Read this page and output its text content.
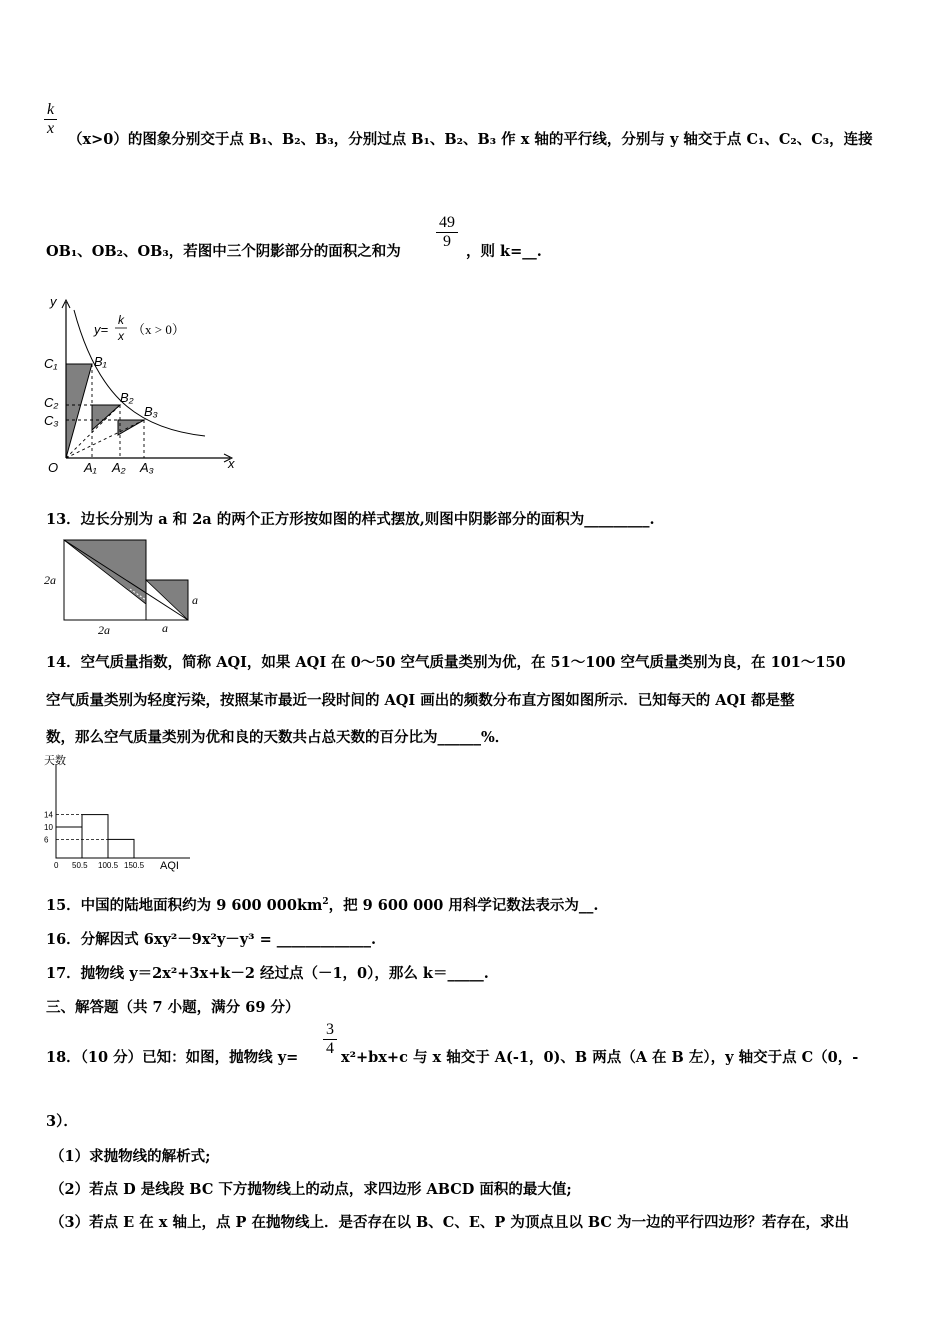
k
x
（x>0）的图象分别交于点 B₁、B₂、B₃，分别过点 B₁、B₂、B₃ 作 x 轴的平行线，分别与 y 轴交于点 C₁、C₂、C₃，连接
OB₁、OB₂、OB₃，若图中三个阴影部分的面积之和为
49
9
，则 k=__.
y
x
O
y=
k
x （x > 0）
C₁
C₂
C₃
B₁
B₂
B₃
A₁ A₂ A₃
13．边长分别为 a 和 2a 的两个正方形按如图的样式摆放,则图中阴影部分的面积为_________.
2a
2a	a
a
14．空气质量指数，简称 AQI，如果 AQI 在 0～50 空气质量类别为优，在 51～100 空气质量类别为良，在 101～150
空气质量类别为轻度污染，按照某市最近一段时间的 AQI 画出的频数分布直方图如图所示．已知每天的 AQI 都是整
数，那么空气质量类别为优和良的天数共占总天数的百分比为______%．
天数
AQI
14
10
6
0 50.5 100.5 150.5
15．中国的陆地面积约为 9 600 $000km^2$，把 9 600 000 用科学记数法表示为__.
16．分解因式 6xy²－9x²y－y³ = _____________.
17．抛物线 y＝2x²+3x+k－2 经过点（－1，0），那么 k＝_____.
三、解答题（共 7 小题，满分 69 分）
18．（10 分）已知：如图，抛物线 y=
3
4
x²+bx+c 与 x 轴交于 A(-1，0)、B 两点（A 在 B 左），y 轴交于点 C（0，-
3）．
（1）求抛物线的解析式;
（2）若点 D 是线段 BC 下方抛物线上的动点，求四边形 ABCD 面积的最大值;
（3）若点 E 在 x 轴上，点 P 在抛物线上．是否存在以 B、C、E、P 为顶点且以 BC 为一边的平行四边形？若存在，求出
